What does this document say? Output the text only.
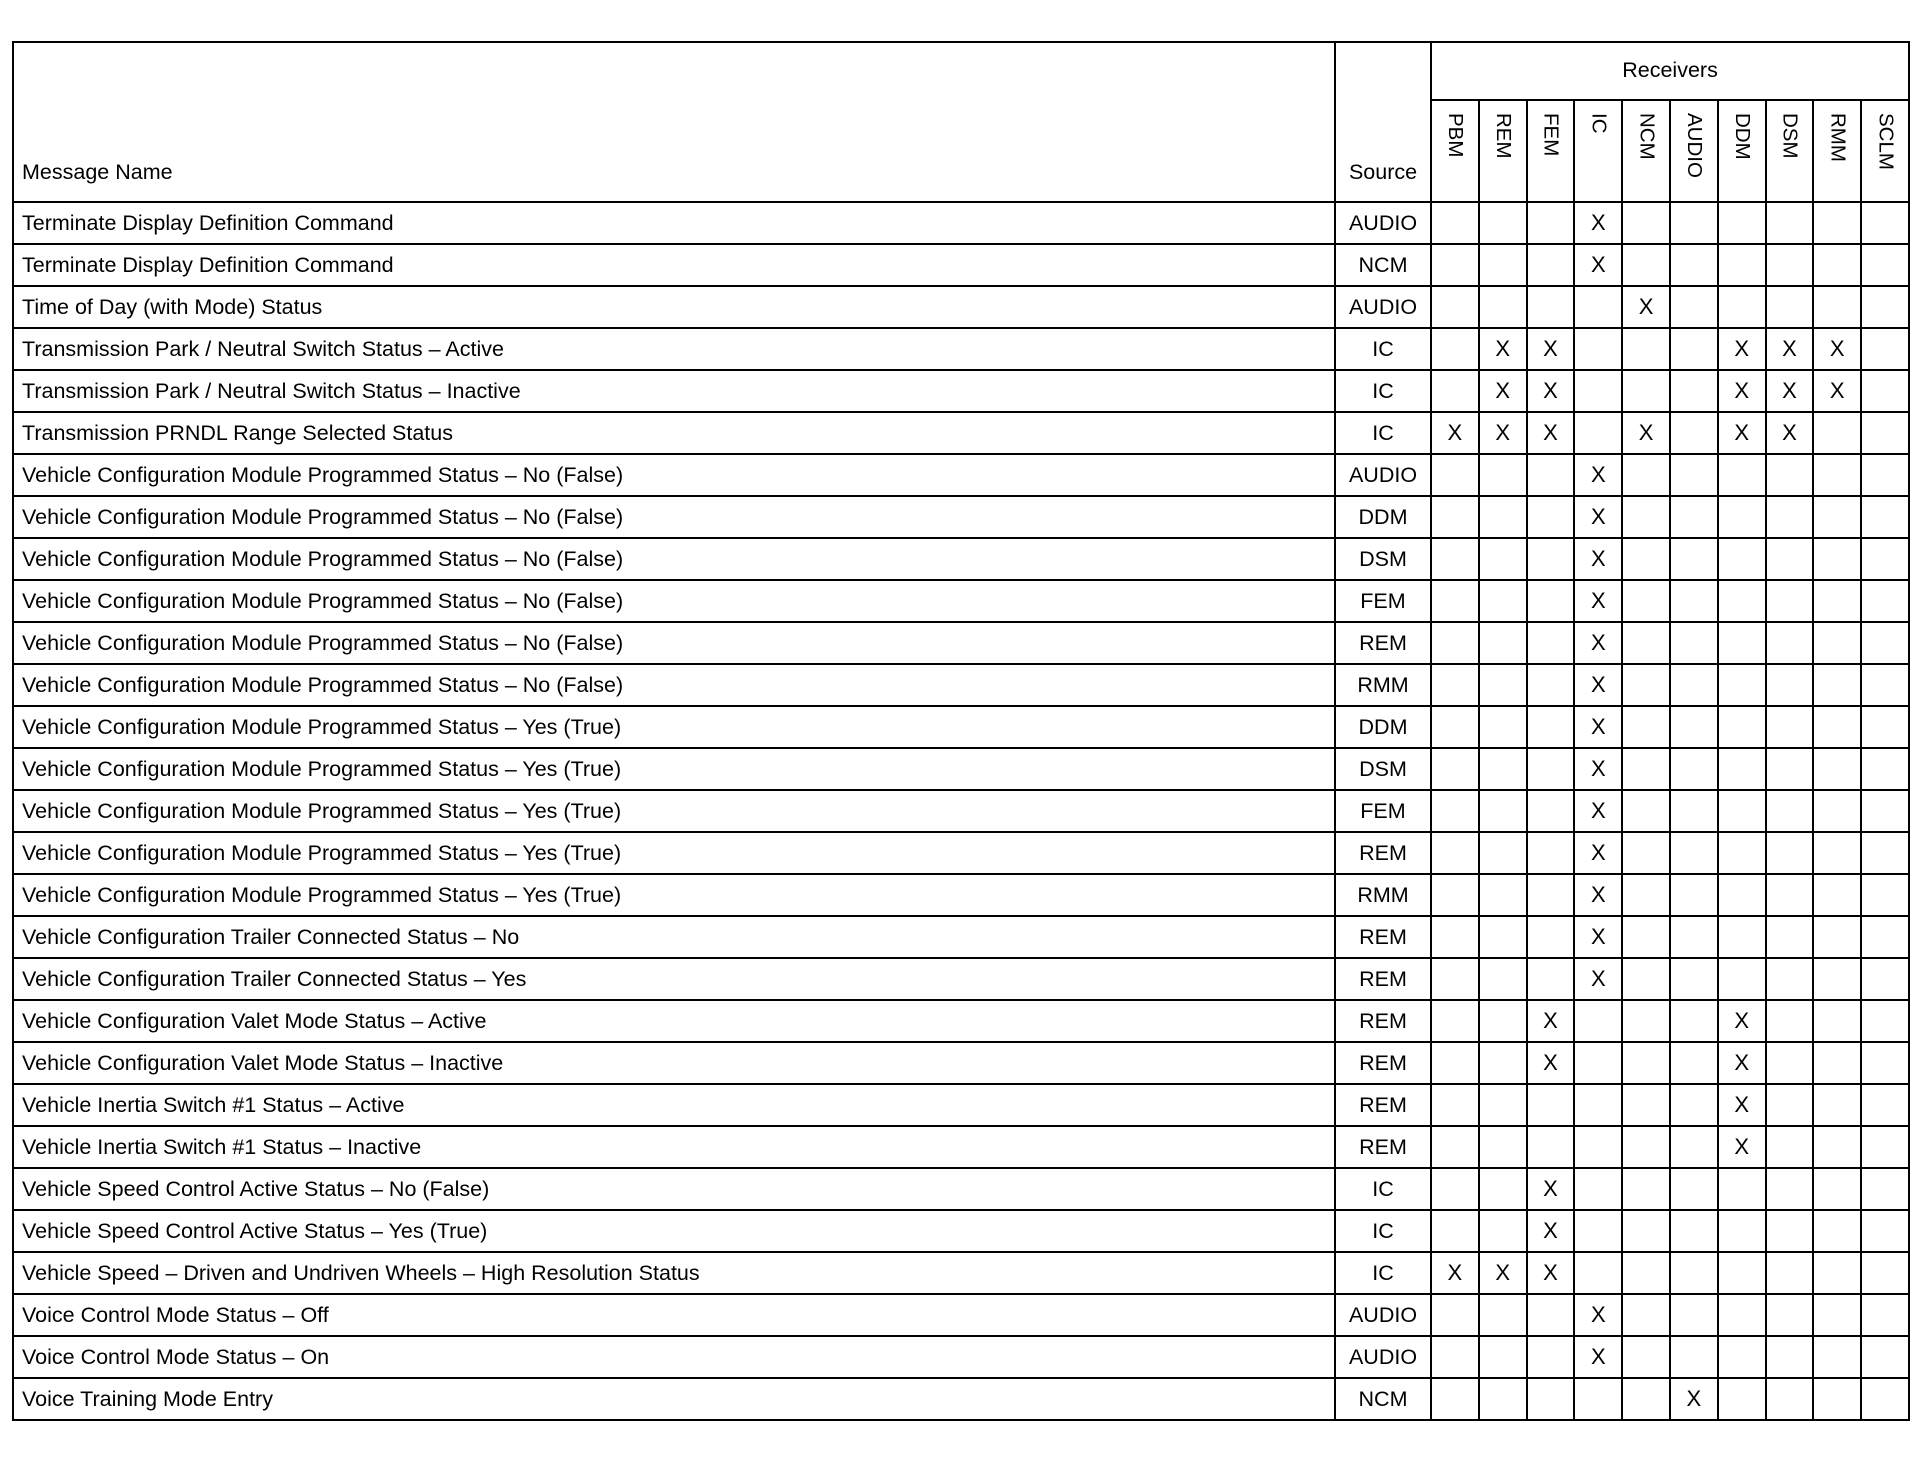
Message Name	Source	Receivers									

		PBM	REM	FEM	IC	NCM	AUDIO	DDM	DSM	RMM	SCLM

Terminate Display Definition Command	AUDIO				X						
Terminate Display Definition Command	NCM				X						
Time of Day (with Mode) Status	AUDIO					X					
Transmission Park / Neutral Switch Status – Active	IC		X	X				X	X	X	
Transmission Park / Neutral Switch Status – Inactive	IC		X	X				X	X	X	
Transmission PRNDL Range Selected Status	IC	X	X	X		X		X	X		
Vehicle Configuration Module Programmed Status – No (False)	AUDIO				X						
Vehicle Configuration Module Programmed Status – No (False)	DDM				X						
Vehicle Configuration Module Programmed Status – No (False)	DSM				X						
Vehicle Configuration Module Programmed Status – No (False)	FEM				X						
Vehicle Configuration Module Programmed Status – No (False)	REM				X						
Vehicle Configuration Module Programmed Status – No (False)	RMM				X						
Vehicle Configuration Module Programmed Status – Yes (True)	DDM				X						
Vehicle Configuration Module Programmed Status – Yes (True)	DSM				X						
Vehicle Configuration Module Programmed Status – Yes (True)	FEM				X						
Vehicle Configuration Module Programmed Status – Yes (True)	REM				X						
Vehicle Configuration Module Programmed Status – Yes (True)	RMM				X						
Vehicle Configuration Trailer Connected Status – No	REM				X						
Vehicle Configuration Trailer Connected Status – Yes	REM				X						
Vehicle Configuration Valet Mode Status – Active	REM			X				X			
Vehicle Configuration Valet Mode Status – Inactive	REM			X				X			
Vehicle Inertia Switch #1 Status – Active	REM							X			
Vehicle Inertia Switch #1 Status – Inactive	REM							X			
Vehicle Speed Control Active Status – No (False)	IC			X							
Vehicle Speed Control Active Status – Yes (True)	IC			X							
Vehicle Speed – Driven and Undriven Wheels – High Resolution Status	IC	X	X	X							
Voice Control Mode Status – Off	AUDIO				X						
Voice Control Mode Status – On	AUDIO				X						
Voice Training Mode Entry	NCM						X				
